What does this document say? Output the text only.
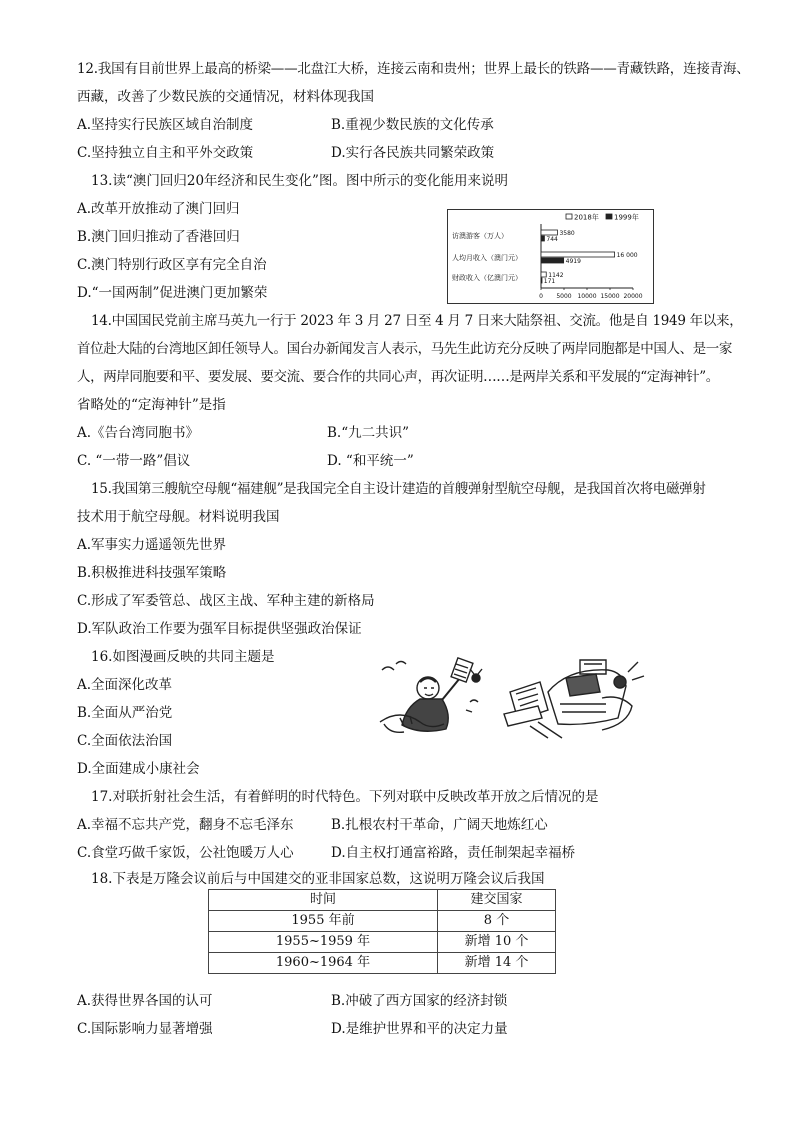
12.我国有目前世界上最高的桥梁——北盘江大桥，连接云南和贵州；世界上最长的铁路——青藏铁路，连接青海、
西藏，改善了少数民族的交通情况，材料体现我国
A.坚持实行民族区域自治制度	B.重视少数民族的文化传承
C.坚持独立自主和平外交政策	D.实行各民族共同繁荣政策
13.读“澳门回归20年经济和民生变化”图。图中所示的变化能用来说明
A.改革开放推动了澳门回归
B.澳门回归推动了香港回归
C.澳门特别行政区享有完全自治
D.“一国两制”促进澳门更加繁荣
2018年 1999年
0 5000 10000 15000 20000
访澳游客（万人）	3580
744
人均月收入（澳门元）	16 000
4919
财政收入（亿澳门元）	1142
171
14.中国国民党前主席马英九一行于 2023 年 3 月 27 日至 4 月 7 日来大陆祭祖、交流。他是自 1949 年以来，
首位赴大陆的台湾地区卸任领导人。国台办新闻发言人表示，马先生此访充分反映了两岸同胞都是中国人、是一家
人，两岸同胞要和平、要发展、要交流、要合作的共同心声，再次证明……是两岸关系和平发展的“定海神针”。
省略处的“定海神针”是指
A.《告台湾同胞书》	B.“九二共识”
C. “一带一路”倡议	D. “和平统一”
15.我国第三艘航空母舰“福建舰”是我国完全自主设计建造的首艘弹射型航空母舰，是我国首次将电磁弹射
技术用于航空母舰。材料说明我国
A.军事实力遥遥领先世界
B.积极推进科技强军策略
C.形成了军委管总、战区主战、军种主建的新格局
D.军队政治工作要为强军目标提供坚强政治保证
16.如图漫画反映的共同主题是
A.全面深化改革
B.全面从严治党
C.全面依法治国
D.全面建成小康社会
17.对联折射社会生活，有着鲜明的时代特色。下列对联中反映改革开放之后情况的是
A.幸福不忘共产党，翻身不忘毛泽东	B.扎根农村干革命，广阔天地炼红心
C.食堂巧做千家饭，公社饱暖万人心	D.自主权打通富裕路，责任制架起幸福桥
18.下表是万隆会议前后与中国建交的亚非国家总数，这说明万隆会议后我国
时间	建交国家
1955 年前	8 个
1955~1959 年	新增 10 个
1960~1964 年	新增 14 个
A.获得世界各国的认可	B.冲破了西方国家的经济封锁
C.国际影响力显著增强	D.是维护世界和平的决定力量
